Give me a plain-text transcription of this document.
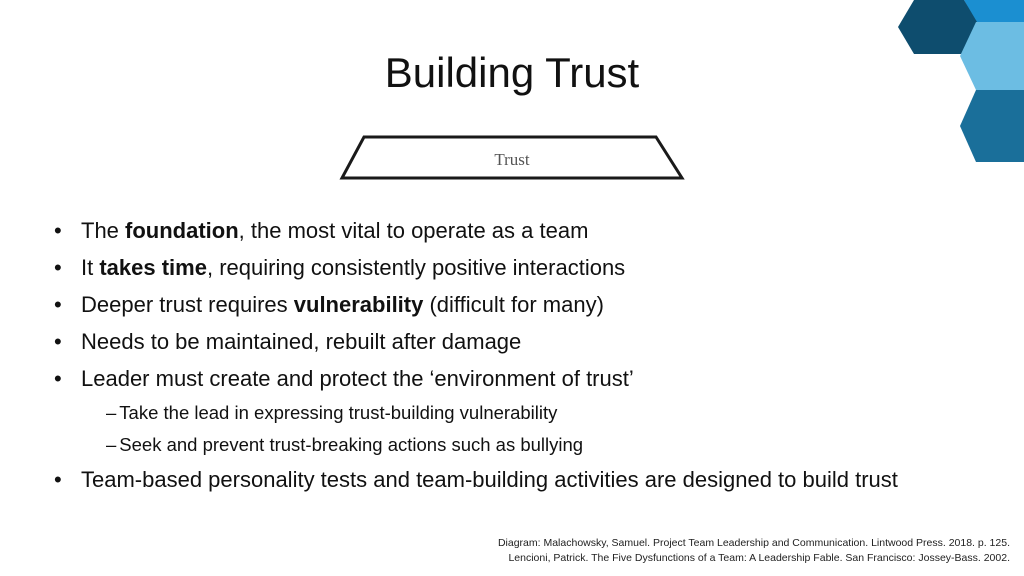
Building Trust
Trust
• The foundation, the most vital to operate as a team
• It takes time, requiring consistently positive interactions
• Deeper trust requires vulnerability (difficult for many)
• Needs to be maintained, rebuilt after damage
• Leader must create and protect the ‘environment of trust’
– Take the lead in expressing trust-building vulnerability
– Seek and prevent trust-breaking actions such as bullying
• Team-based personality tests and team-building activities are designed to build trust
Diagram: Malachowsky, Samuel. Project Team Leadership and Communication. Lintwood Press. 2018. p. 125.
Lencioni, Patrick. The Five Dysfunctions of a Team: A Leadership Fable. San Francisco: Jossey-Bass. 2002.
